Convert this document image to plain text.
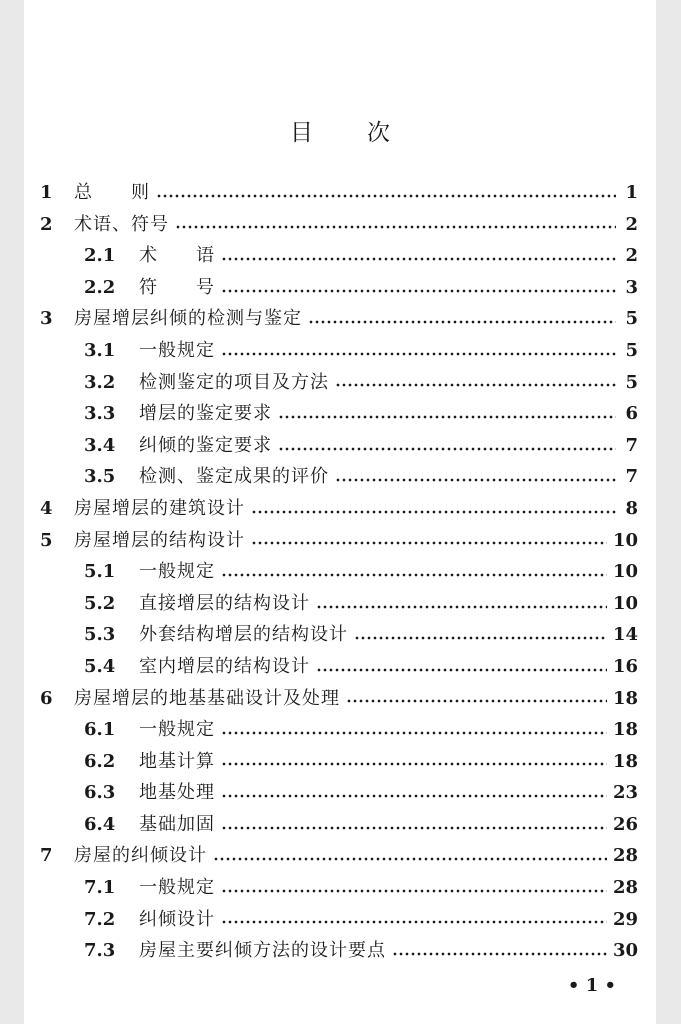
目次
1	总　　则	1
2	术语、符号	2
2.1	术　　语	2
2.2	符　　号	3
3	房屋增层纠倾的检测与鉴定	5
3.1	一般规定	5
3.2	检测鉴定的项目及方法	5
3.3	增层的鉴定要求	6
3.4	纠倾的鉴定要求	7
3.5	检测、鉴定成果的评价	7
4	房屋增层的建筑设计	8
5	房屋增层的结构设计	10
5.1	一般规定	10
5.2	直接增层的结构设计	10
5.3	外套结构增层的结构设计	14
5.4	室内增层的结构设计	16
6	房屋增层的地基基础设计及处理	18
6.1	一般规定	18
6.2	地基计算	18
6.3	地基处理	23
6.4	基础加固	26
7	房屋的纠倾设计	28
7.1	一般规定	28
7.2	纠倾设计	29
7.3	房屋主要纠倾方法的设计要点	30
• 1 •
